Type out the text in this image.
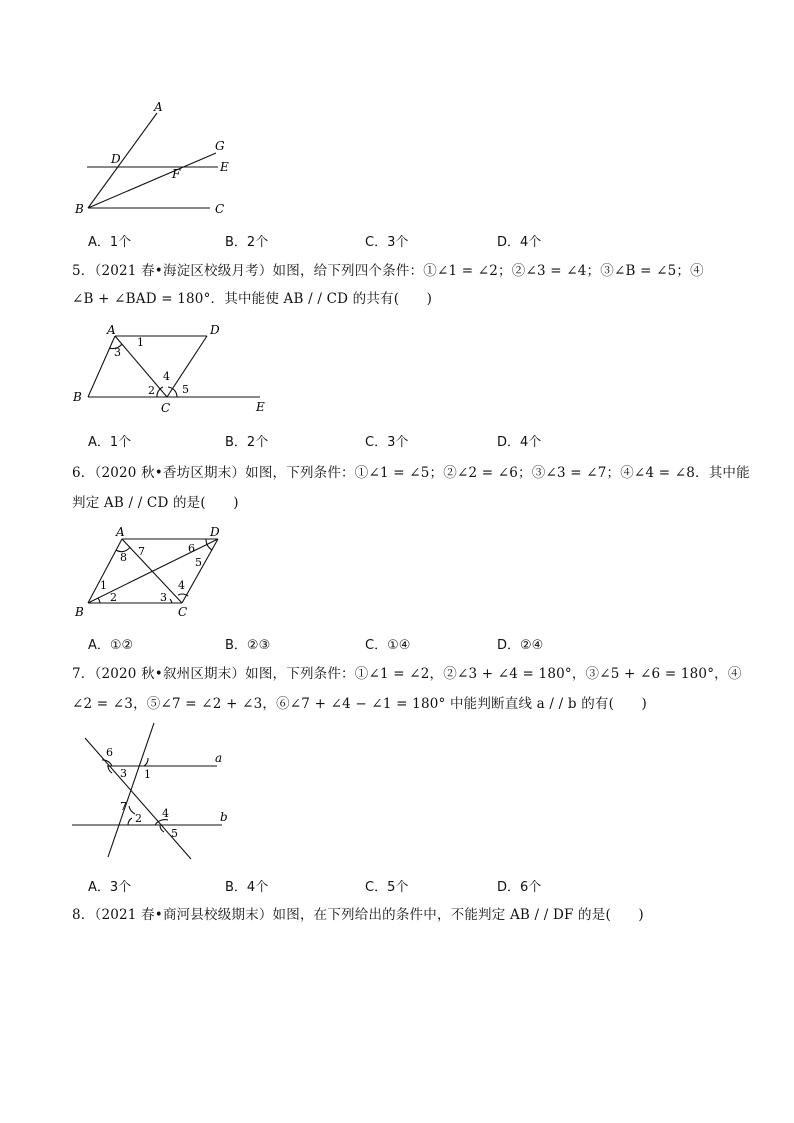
A
B	C
D
E
F
G
A．1个	B．2个	C．3个	D．4个
5．（2021 春•海淀区校级月考）如图，给下列四个条件：①∠1 = ∠2；②∠3 = ∠4；③∠B = ∠5；④
∠B + ∠BAD = 180°．其中能使 AB / / CD 的共有(　　)
A	D
B
C	E
1
3
4
2 5
A．1个	B．2个	C．3个	D．4个
6．（2020 秋•香坊区期末）如图，下列条件：①∠1 = ∠5；②∠2 = ∠6；③∠3 = ∠7；④∠4 = ∠8．其中能
判定 AB / / CD 的是(　　)
A	D
B	C
7
8
6
5
1
2	3
4
A．①②	B．②③	C．①④	D．②④
7．（2020 秋•叙州区期末）如图，下列条件：①∠1 = ∠2，②∠3 + ∠4 = 180°，③∠5 + ∠6 = 180°，④
∠2 = ∠3，⑤∠7 = ∠2 + ∠3，⑥∠7 + ∠4 − ∠1 = 180° 中能判断直线 a / / b 的有(　　)
a
b
6
3 1
7
4
2
5
A．3个	B．4个	C．5个	D．6个
8．（2021 春•商河县校级期末）如图，在下列给出的条件中，不能判定 AB / / DF 的是(　　)
